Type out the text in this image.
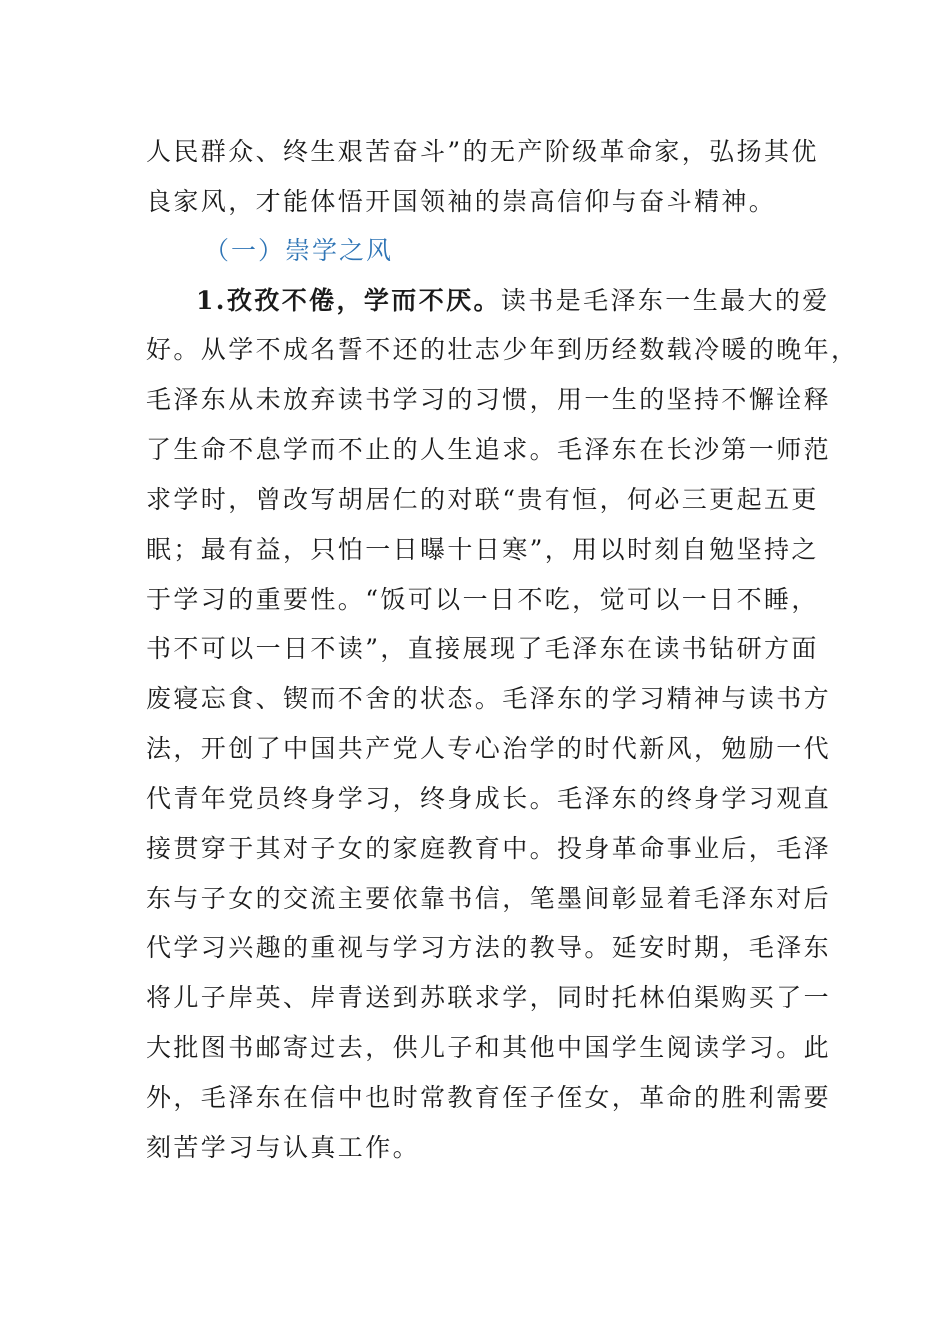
人民群众、终生艰苦奋斗”的无产阶级革命家，弘扬其优
良家风，才能体悟开国领袖的崇高信仰与奋斗精神。
（一）崇学之风
1.孜孜不倦，学而不厌。读书是毛泽东一生最大的爱
好。从学不成名誓不还的壮志少年到历经数载冷暖的晚年，
毛泽东从未放弃读书学习的习惯，用一生的坚持不懈诠释
了生命不息学而不止的人生追求。毛泽东在长沙第一师范
求学时，曾改写胡居仁的对联“贵有恒，何必三更起五更
眠；最有益，只怕一日曝十日寒”，用以时刻自勉坚持之
于学习的重要性。“饭可以一日不吃，觉可以一日不睡，
书不可以一日不读”，直接展现了毛泽东在读书钻研方面
废寝忘食、锲而不舍的状态。毛泽东的学习精神与读书方
法，开创了中国共产党人专心治学的时代新风，勉励一代
代青年党员终身学习，终身成长。毛泽东的终身学习观直
接贯穿于其对子女的家庭教育中。投身革命事业后，毛泽
东与子女的交流主要依靠书信，笔墨间彰显着毛泽东对后
代学习兴趣的重视与学习方法的教导。延安时期，毛泽东
将儿子岸英、岸青送到苏联求学，同时托林伯渠购买了一
大批图书邮寄过去，供儿子和其他中国学生阅读学习。此
外，毛泽东在信中也时常教育侄子侄女，革命的胜利需要
刻苦学习与认真工作。
